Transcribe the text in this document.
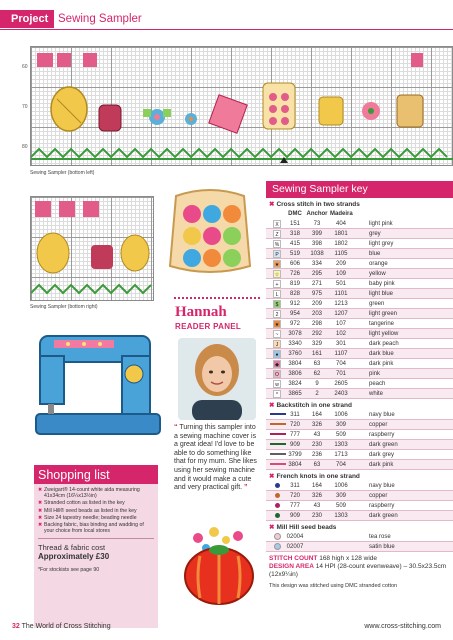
Project Sewing Sampler
60
70
80
Sewing Sampler (bottom left)
Sewing Sampler (bottom right)
Shopping list
✖ Zweigart® 14-count white aida measuring 41x34cm (16¼x13½in)
✖ Stranded cotton as listed in the key
✖ Mill Hill® seed beads as listed in the key
✖ Size 24 tapestry needle; beading needle
✖ Backing fabric, bias binding and wadding of your choice from local stores
Thread & fabric cost
Approximately £30
*For stockists see page 90
Hannah
READER PANEL
“ Turning this sampler into a sewing machine cover is a great idea! I'd love to be able to do something like that for my mum. She likes using her sewing machine and it would make a cute and very practical gift. ”
Sewing Sampler key
✖ Cross stitch in two strands
DMC Anchor Madeira
X	151	73	404	light pink
Z	318	399	1801	grey
%	415	398	1802	light grey
P	519	1038	1105	blue
★	606	334	209	orange
☆	726	295	109	yellow
+	819	271	501	baby pink
L	828	975	1101	light blue
$	912	209	1213	green
2	954	203	1207	light green
★	972	298	107	tangerine
~	3078	292	102	light yellow
J	3340	329	301	dark peach
●	3760	161	1107	dark blue
◆	3804	63	704	dark pink
O	3806	62	701	pink
w	3824	9	2605	peach
^	3865	2	2403	white
✖ Backstitch in one strand
311	164	1006	navy blue
720	326	309	copper
777	43	509	raspberry
909	230	1303	dark green
3799	236	1713	dark grey
3804	63	704	dark pink
✖ French knots in one strand
311	164	1006	navy blue
720	326	309	copper
777	43	509	raspberry
909	230	1303	dark green
✖ Mill Hill seed beads
02004	tea rose
02007	satin blue
STITCH COUNT 168 high x 128 wide
DESIGN AREA 14 HPI (28-count evenweave) – 30.5x23.5cm (12x9¼in)
This design was stitched using DMC stranded cotton
32 The World of Cross Stitching	www.cross-stitching.com
